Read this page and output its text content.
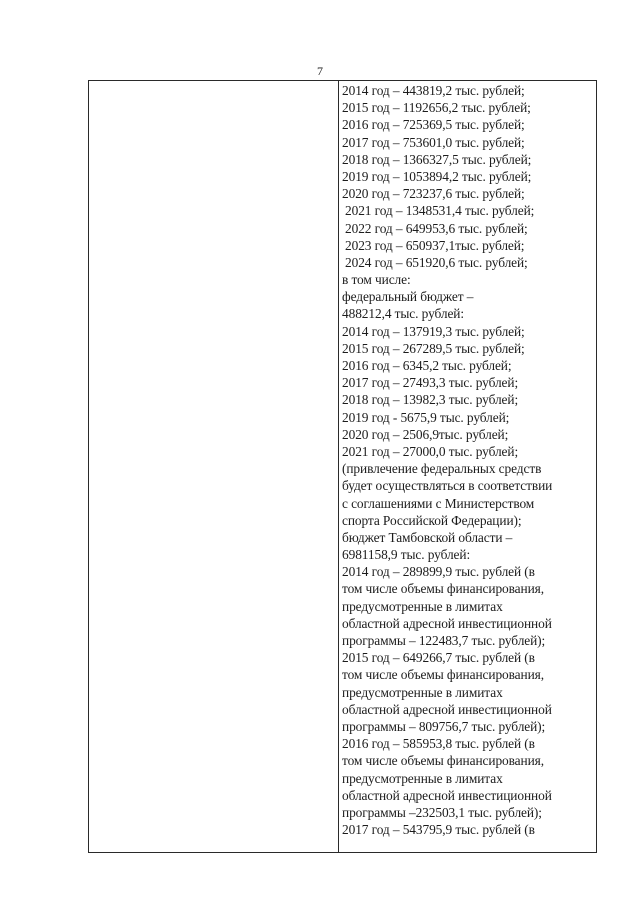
7
2014 год – 443819,2 тыс. рублей;
2015 год – 1192656,2 тыс. рублей;
2016 год – 725369,5 тыс. рублей;
2017 год – 753601,0 тыс. рублей;
2018 год – 1366327,5 тыс. рублей;
2019 год – 1053894,2 тыс. рублей;
2020 год – 723237,6 тыс. рублей;
2021 год – 1348531,4 тыс. рублей;
2022 год – 649953,6 тыс. рублей;
2023 год – 650937,1тыс. рублей;
2024 год – 651920,6 тыс. рублей;
в том числе:
федеральный бюджет –
488212,4 тыс. рублей:
2014 год – 137919,3 тыс. рублей;
2015 год – 267289,5 тыс. рублей;
2016 год – 6345,2 тыс. рублей;
2017 год – 27493,3 тыс. рублей;
2018 год – 13982,3 тыс. рублей;
2019 год - 5675,9 тыс. рублей;
2020 год – 2506,9тыс. рублей;
2021 год – 27000,0 тыс. рублей;
(привлечение федеральных средств
будет осуществляться в соответствии
с соглашениями с Министерством
спорта Российской Федерации);
бюджет Тамбовской области –
6981158,9 тыс. рублей:
2014 год – 289899,9 тыс. рублей (в
том числе объемы финансирования,
предусмотренные в лимитах
областной адресной инвестиционной
программы – 122483,7 тыс. рублей);
2015 год – 649266,7 тыс. рублей (в
том числе объемы финансирования,
предусмотренные в лимитах
областной адресной инвестиционной
программы – 809756,7 тыс. рублей);
2016 год – 585953,8 тыс. рублей (в
том числе объемы финансирования,
предусмотренные в лимитах
областной адресной инвестиционной
программы –232503,1 тыс. рублей);
2017 год – 543795,9 тыс. рублей (в
